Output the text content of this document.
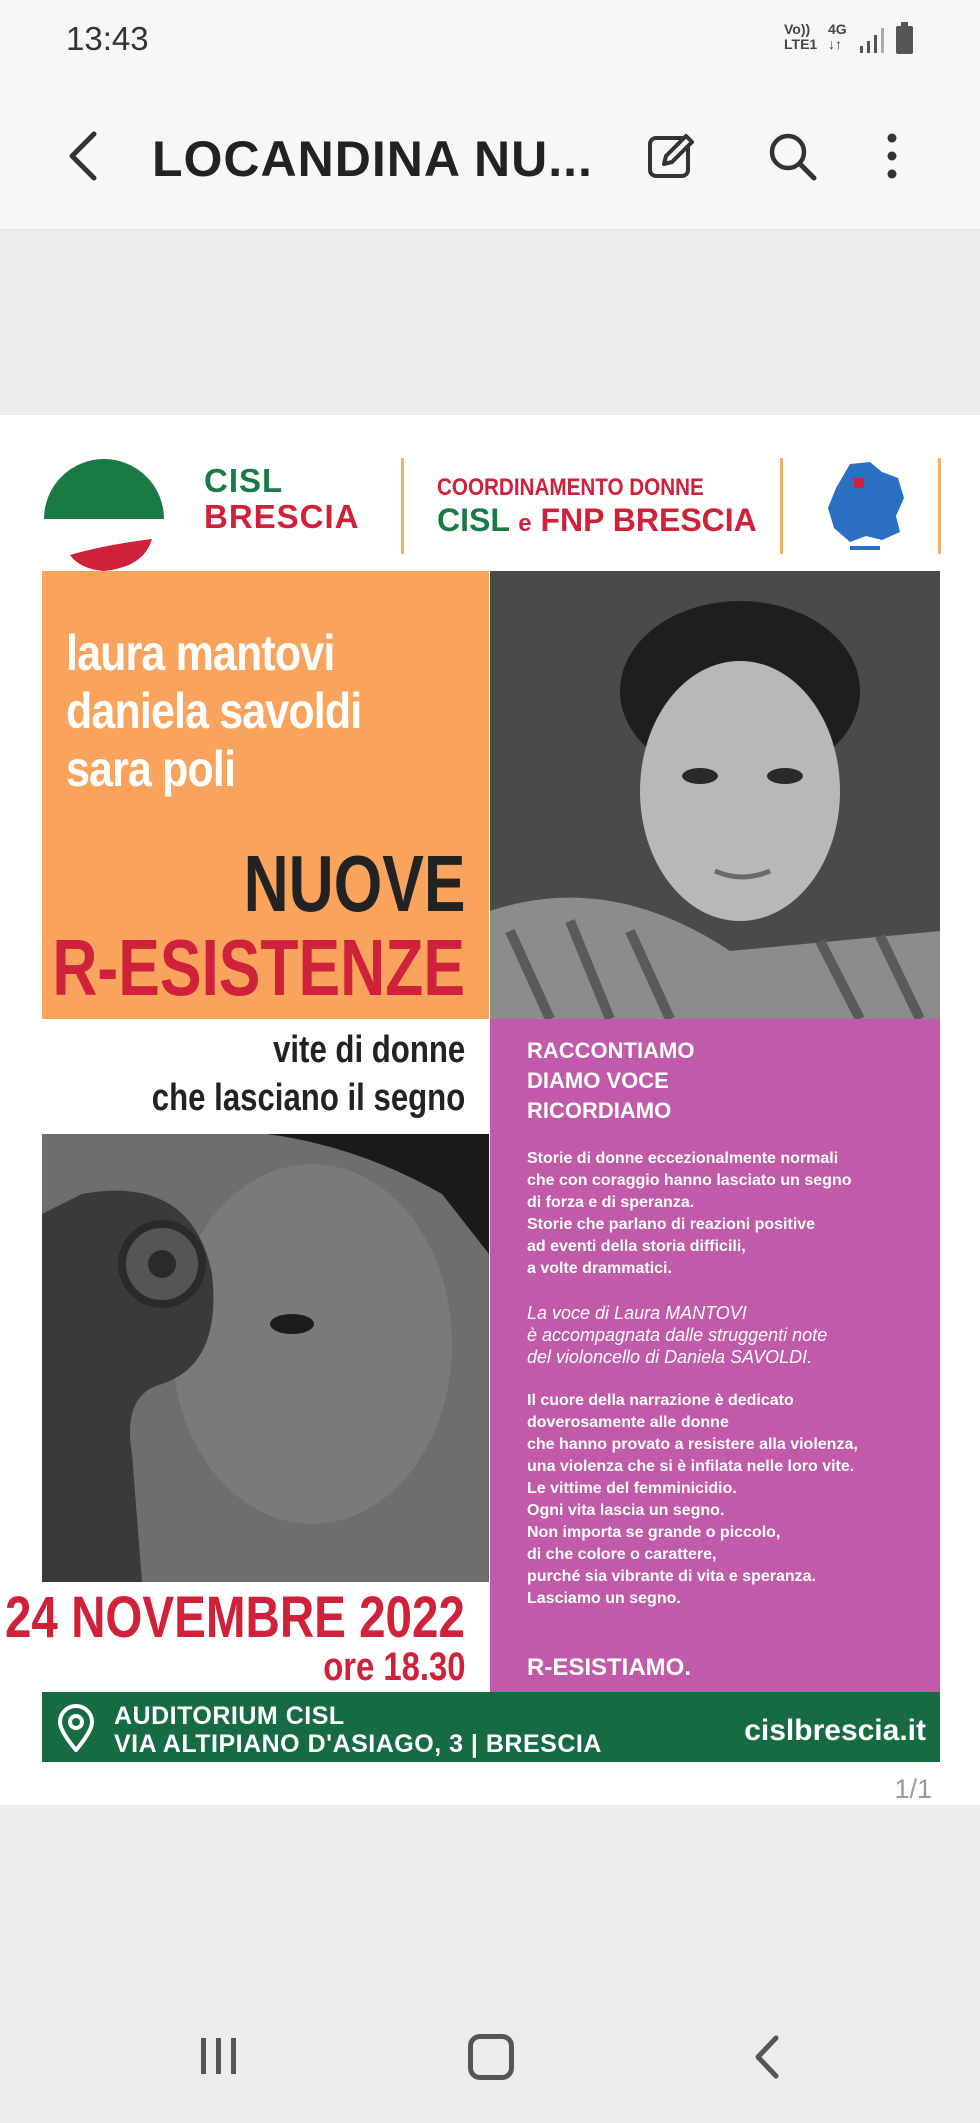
13:43	Vo))
LTE1
4G
↓↑
LOCANDINA NU...
CISL
BRESCIA
COORDINAMENTO DONNE
CISL e FNP BRESCIA
laura mantovi
daniela savoldi
sara poli
NUOVE
R-ESISTENZE
vite di donne
che lasciano il segno
RACCONTIAMO
DIAMO VOCE
RICORDIAMO

Storie di donne eccezionalmente normali
che con coraggio hanno lasciato un segno
di forza e di speranza.
Storie che parlano di reazioni positive
ad eventi della storia difficili,
a volte drammatici.

La voce di Laura MANTOVI
è accompagnata dalle struggenti note
del violoncello di Daniela SAVOLDI.

Il cuore della narrazione è dedicato
doverosamente alle donne
che hanno provato a resistere alla violenza,
una violenza che si è infilata nelle loro vite.
Le vittime del femminicidio.
Ogni vita lascia un segno.
Non importa se grande o piccolo,
di che colore o carattere,
purché sia vibrante di vita e speranza.
Lasciamo un segno.

R-ESISTIAMO.
24 NOVEMBRE 2022
ore 18.30
AUDITORIUM CISL
VIA ALTIPIANO D'ASIAGO, 3 | BRESCIA	cislbrescia.it
1/1
